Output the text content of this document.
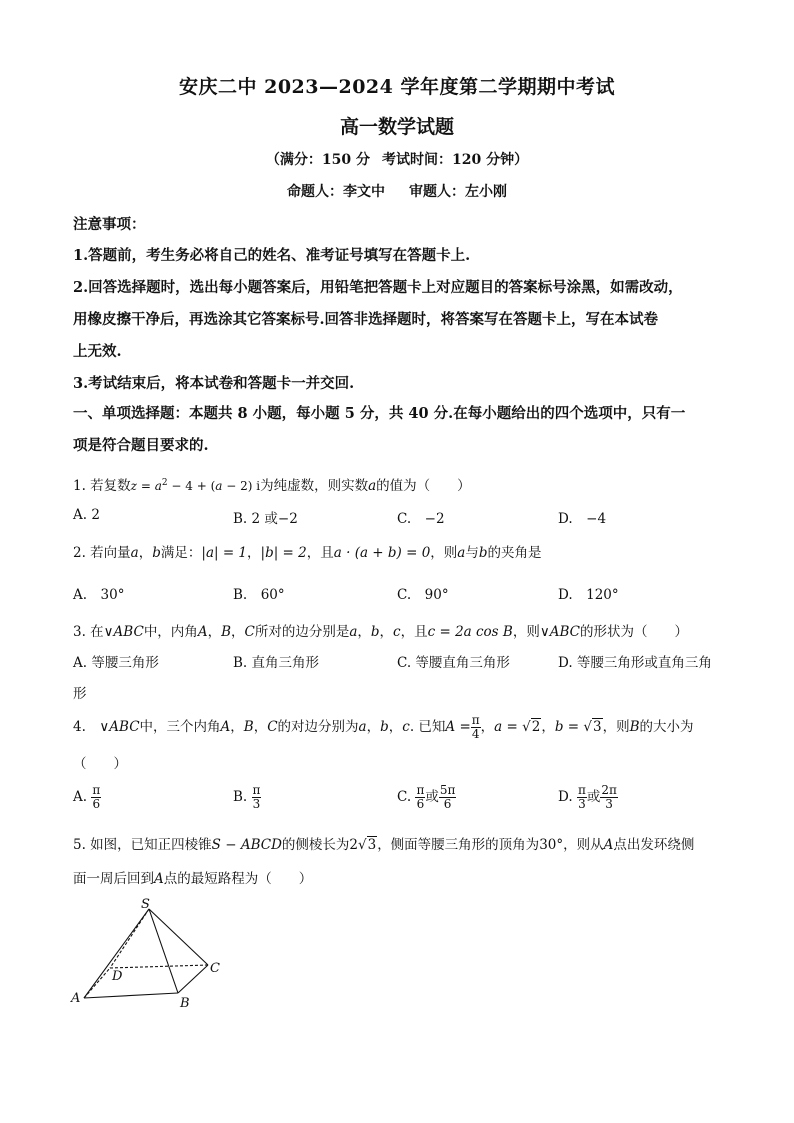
安庆二中 2023—2024 学年度第二学期期中考试
高一数学试题
（满分：150 分 考试时间：120 分钟）
命题人：李文中 审题人：左小刚
注意事项：
1.答题前，考生务必将自己的姓名、准考证号填写在答题卡上.
2.回答选择题时，选出每小题答案后，用铅笔把答题卡上对应题目的答案标号涂黑，如需改动，
用橡皮擦干净后，再选涂其它答案标号.回答非选择题时，将答案写在答题卡上，写在本试卷
上无效.
3.考试结束后，将本试卷和答题卡一并交回.
一、单项选择题：本题共 8 小题，每小题 5 分，共 40 分.在每小题给出的四个选项中，只有一
项是符合题目要求的.
1. 若复数$z = a^2 - 4 + (a - 2)$ i为纯虚数，则实数a的值为（　　）
A. 2	B. 2 或−2	C.　−2	D.　−4
2. 若向量a，b满足：|a| = 1，|b| = 2，且a · (a + b) = 0，则a与b的夹角是
A.　30°	B.　60°	C.　90°	D.　120°
3. 在∨ABC中，内角A，B，C所对的边分别是a，b，c，且c = 2a cos B，则∨ABC的形状为（　　）
A. 等腰三角形	B. 直角三角形	C. 等腰直角三角形	D. 等腰三角形或直角三角
形
4.　∨ABC中，三个内角A，B，C的对边分别为a，b，c. 已知$A = \frac{\pi}{4}$ ，a = √2，b = √3，则B的大小为
（　　）
A. $\frac{\pi}{6}$	B. $\frac{\pi}{3}$	C. $\frac{\pi}{6}$ 或 $\frac{5\pi}{6}$	D. $\frac{\pi}{3}$ 或 $\frac{2\pi}{3}$
5. 如图，已知正四棱锥S − ABCD的侧棱长为2√3，侧面等腰三角形的顶角为30°，则从A点出发环绕侧
面一周后回到A点的最短路程为（　　）
S
D
C
A	B
